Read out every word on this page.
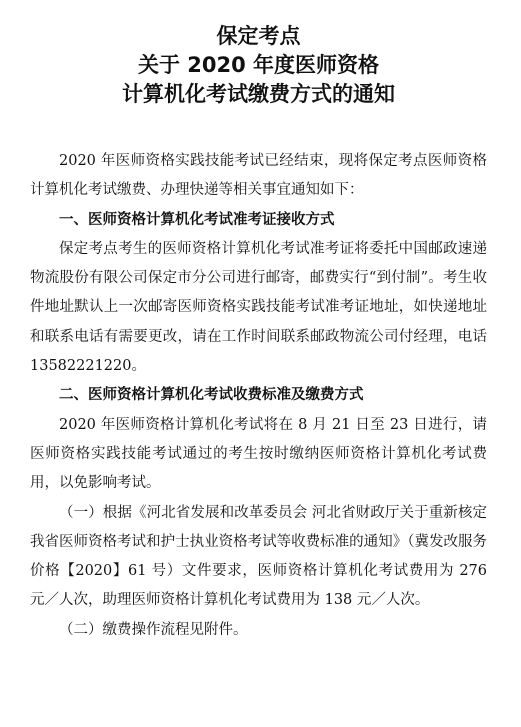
保定考点
关于 2020 年度医师资格
计算机化考试缴费方式的通知

2020 年医师资格实践技能考试已经结束，现将保定考点医师资格计算机化考试缴费、办理快递等相关事宜通知如下：

一、医师资格计算机化考试准考证接收方式

保定考点考生的医师资格计算机化考试准考证将委托中国邮政速递物流股份有限公司保定市分公司进行邮寄，邮费实行“到付制”。考生收件地址默认上一次邮寄医师资格实践技能考试准考证地址，如快递地址和联系电话有需要更改，请在工作时间联系邮政物流公司付经理，电话13582221220。

二、医师资格计算机化考试收费标准及缴费方式

2020 年医师资格计算机化考试将在 8 月 21 日至 23 日进行，请医师资格实践技能考试通过的考生按时缴纳医师资格计算机化考试费用，以免影响考试。

（一）根据《河北省发展和改革委员会 河北省财政厅关于重新核定我省医师资格考试和护士执业资格考试等收费标准的通知》（冀发改服务价格【2020】61 号）文件要求，医师资格计算机化考试费用为 276 元／人次，助理医师资格计算机化考试费用为 138 元／人次。

（二）缴费操作流程见附件。
